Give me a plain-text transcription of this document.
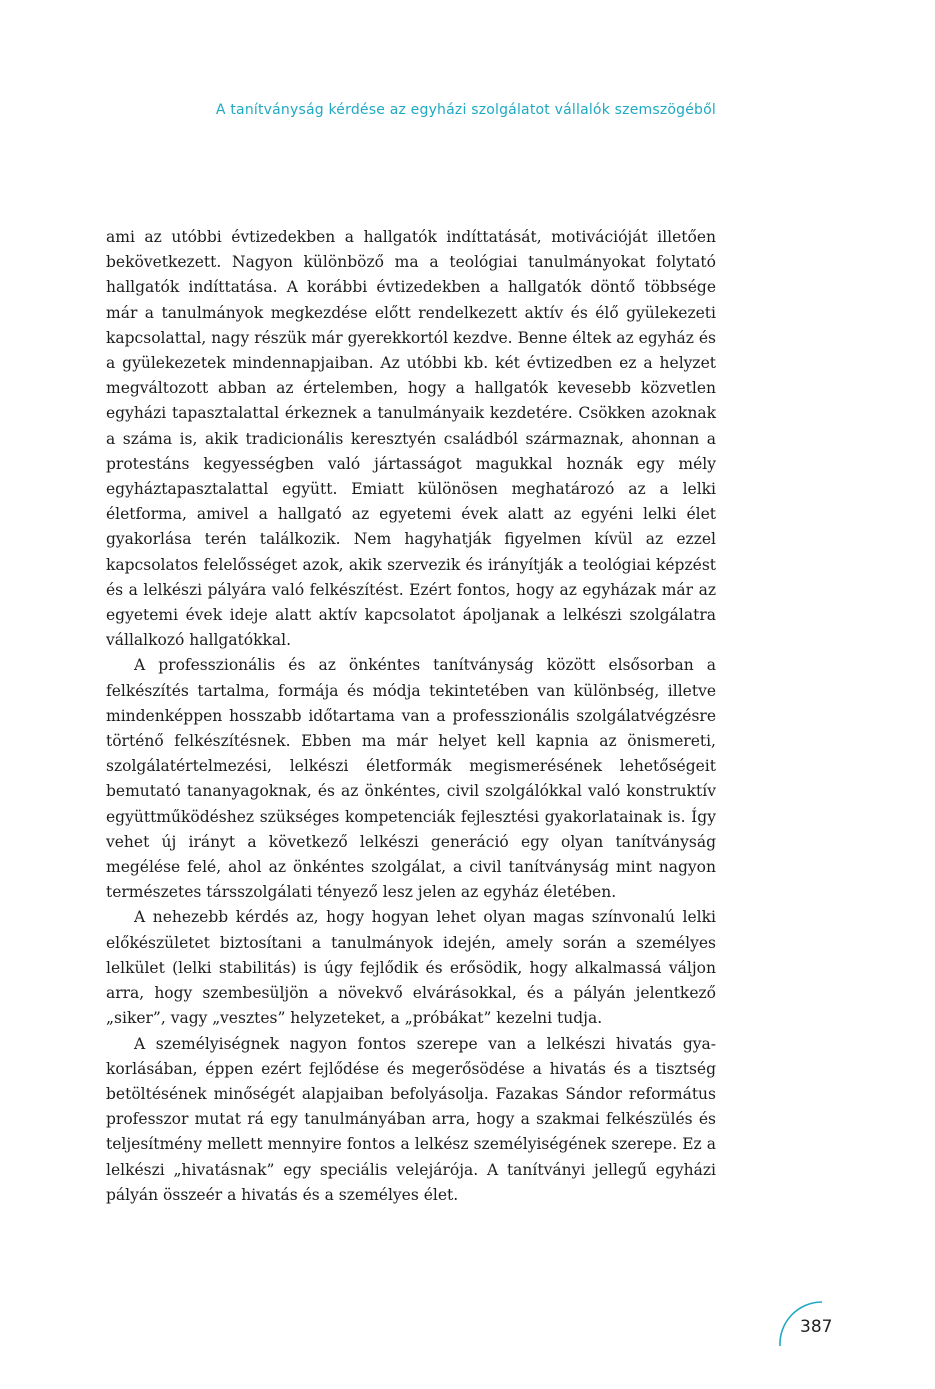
A tanítványság kérdése az egyházi szolgálatot vállalók szemszögéből

ami az utóbbi évtizedekben a hallgatók indíttatását, motivációját illetően bekövetkezett. Nagyon különböző ma a teológiai tanulmányokat folytató hallgatók indíttatása. A korábbi évtizedekben a hallgatók döntő többsége már a tanulmányok megkezdése előtt rendelkezett aktív és élő gyülekezeti kapcsolattal, nagy részük már gyerekkortól kezdve. Benne éltek az egyház és a gyülekezetek mindennapjaiban. Az utóbbi kb. két évtizedben ez a helyzet megváltozott abban az értelemben, hogy a hallgatók kevesebb közvetlen egyházi tapasztalattal érkeznek a tanulmányaik kezdetére. Csökken azoknak a száma is, akik tradicionális keresztyén családból származnak, ahonnan a protestáns kegyességben való jártasságot magukkal hoznák egy mély egyháztapasztalattal együtt. Emiatt különösen meghatározó az a lelki életforma, amivel a hallgató az egyetemi évek alatt az egyéni lelki élet gyakorlása terén találkozik. Nem hagyhatják figyelmen kívül az ezzel kapcsolatos felelősséget azok, akik szervezik és irányítják a teológiai képzést és a lelkészi pályára való felkészítést. Ezért fontos, hogy az egyházak már az egyetemi évek ideje alatt aktív kapcsolatot ápoljanak a lelkészi szolgálatra vállalkozó hallgatókkal.

A professzionális és az önkéntes tanítványság között elsősorban a felkészítés tartalma, formája és módja tekintetében van különbség, illetve mindenképpen hosszabb időtartama van a professzionális szolgálatvégzésre történő felkészítésnek. Ebben ma már helyet kell kapnia az önismereti, szolgálatértelmezési, lelkészi életformák megismerésének lehetőségeit bemutató tananyagoknak, és az önkéntes, civil szolgálókkal való konstruktív együttműködéshez szükséges kompetenciák fejlesztési gyakorlatainak is. Így vehet új irányt a következő lelkészi generáció egy olyan tanítványság megélése felé, ahol az önkéntes szolgálat, a civil tanítványság mint nagyon természetes társszolgálati tényező lesz jelen az egyház életében.

A nehezebb kérdés az, hogy hogyan lehet olyan magas színvonalú lelki előkészületet biztosítani a tanulmányok idején, amely során a személyes lelkület (lelki stabilitás) is úgy fejlődik és erősödik, hogy alkalmassá váljon arra, hogy szembesüljön a növekvő elvárásokkal, és a pályán jelentkező „siker”, vagy „vesztes” helyzeteket, a „próbákat” kezelni tudja.

A személyiségnek nagyon fontos szerepe van a lelkészi hivatás gyakorlásában, éppen ezért fejlődése és megerősödése a hivatás és a tisztség betöltésének minőségét alapjaiban befolyásolja. Fazakas Sándor református professzor mutat rá egy tanulmányában arra, hogy a szakmai felkészülés és teljesítmény mellett mennyire fontos a lelkész személyiségének szerepe. Ez a lelkészi „hivatásnak” egy speciális velejárója. A tanítványi jellegű egyházi pályán összeér a hivatás és a személyes élet.

387
